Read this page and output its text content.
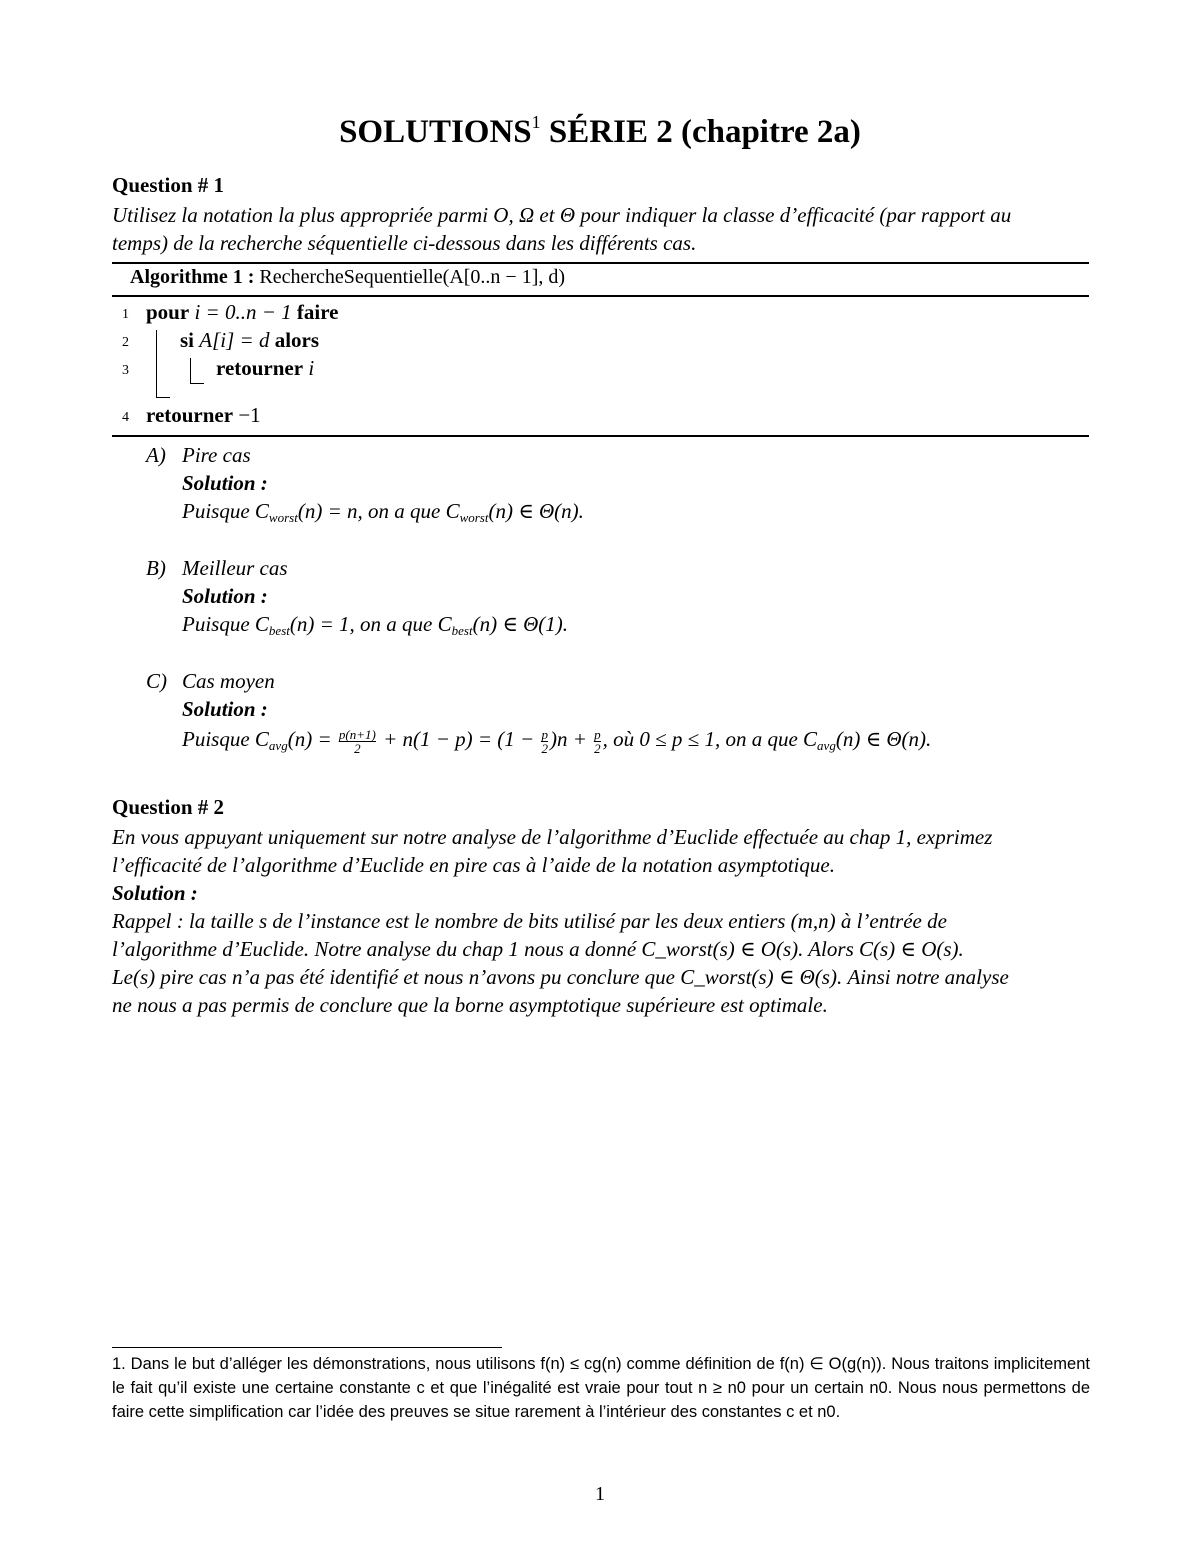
SOLUTIONS$^1$ SÉRIE 2 (chapitre 2a)
Question # 1
Utilisez la notation la plus appropriée parmi O, Ω et Θ pour indiquer la classe d’efficacité (par rapport au
temps) de la recherche séquentielle ci-dessous dans les différents cas.
Algorithme 1 : RechercheSequentielle(A[0..n − 1], d)
1 pour i = 0..n − 1 faire
2 si A[i] = d alors
3	retourner i
4 retourner −1
A) Pire cas
Solution :
Puisque $C_{worst}(n) = n$, on a que $C_{worst}(n)$ ∈ Θ(n).
B) Meilleur cas
Solution :
Puisque $C_{best}(n) = 1$, on a que $C_{best}(n)$ ∈ Θ(1).
C) Cas moyen
Solution :
Puisque $C_{avg}(n) = \frac{p(n+1)}{2} + n(1 - p) = (1 - \frac{p}{2} )n + \frac{p}{2}$ , où 0 ≤ p ≤ 1, on a que $C_{avg}(n)$ ∈ Θ(n).
Question # 2
En vous appuyant uniquement sur notre analyse de l’algorithme d’Euclide effectuée au chap 1, exprimez
l’efficacité de l’algorithme d’Euclide en pire cas à l’aide de la notation asymptotique.
Solution :
Rappel : la taille s de l’instance est le nombre de bits utilisé par les deux entiers (m,n) à l’entrée de
l’algorithme d’Euclide. Notre analyse du chap 1 nous a donné C_worst(s) ∈ O(s). Alors C(s) ∈ O(s).
Le(s) pire cas n’a pas été identifié et nous n’avons pu conclure que C_worst(s) ∈ Θ(s). Ainsi notre analyse
ne nous a pas permis de conclure que la borne asymptotique supérieure est optimale.
1. Dans le but d’alléger les démonstrations, nous utilisons f(n) ≤ cg(n) comme définition de f(n) ∈ O(g(n)). Nous traitons implicitement le fait qu’il existe une certaine constante c et que l’inégalité est vraie pour tout n ≥ n0 pour un certain n0. Nous nous permettons de faire cette simplification car l’idée des preuves se situe rarement à l’intérieur des constantes c et n0.
1
